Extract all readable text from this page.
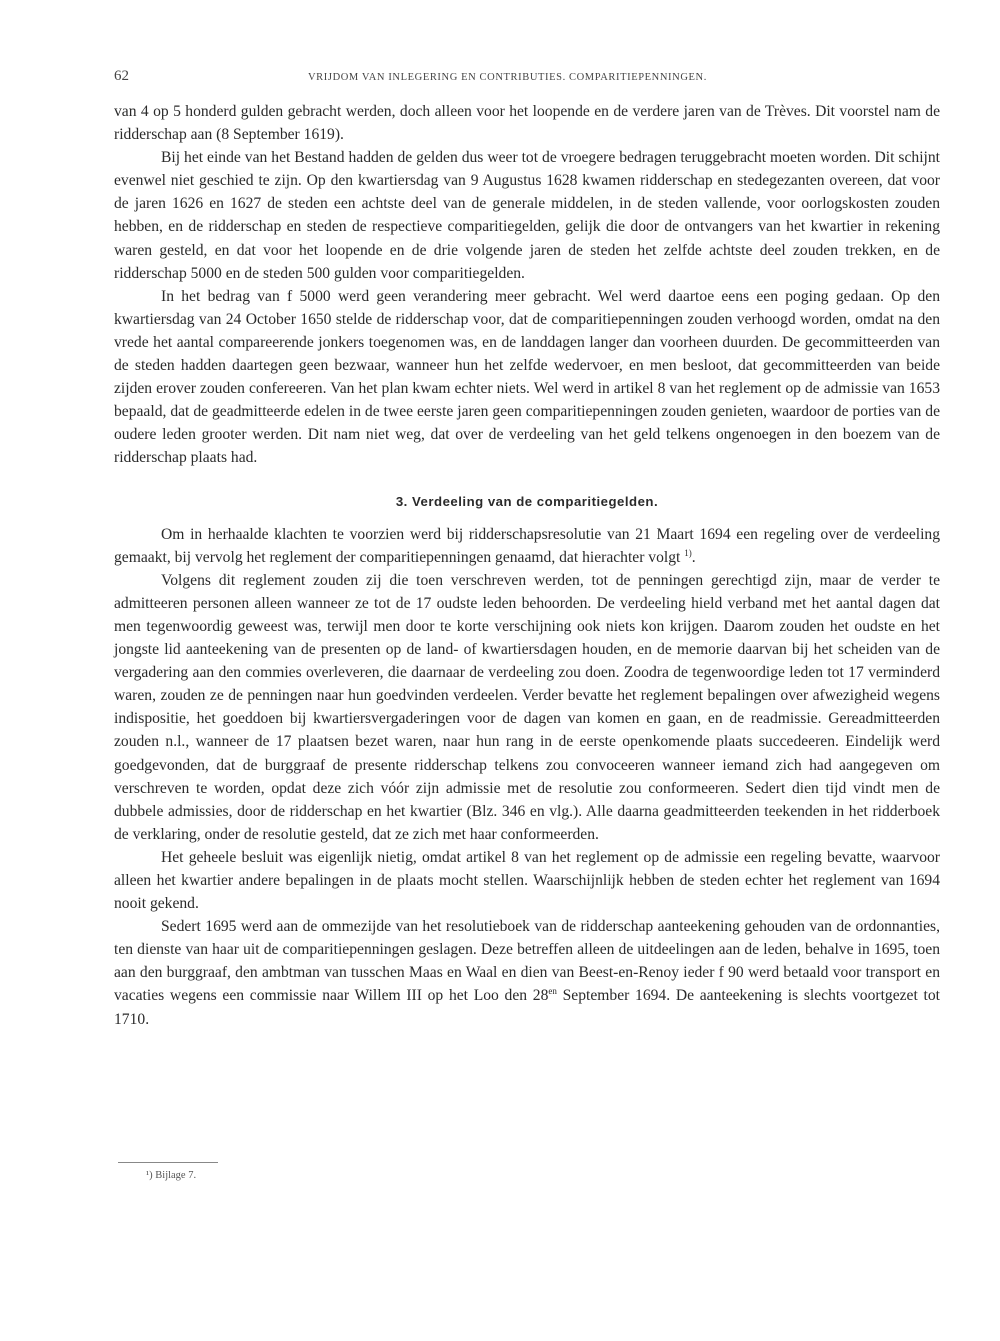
62	VRIJDOM VAN INLEGERING EN CONTRIBUTIES. COMPARITIEPENNINGEN.

van 4 op 5 honderd gulden gebracht werden, doch alleen voor het loopende en de verdere jaren van de Trèves. Dit voorstel nam de ridderschap aan (8 September 1619).

Bij het einde van het Bestand hadden de gelden dus weer tot de vroegere bedragen teruggebracht moeten worden. Dit schijnt evenwel niet geschied te zijn. Op den kwartiersdag van 9 Augustus 1628 kwamen ridderschap en stedegezanten overeen, dat voor de jaren 1626 en 1627 de steden een achtste deel van de generale middelen, in de steden vallende, voor oorlogskosten zouden hebben, en de ridderschap en steden de respectieve comparitiegelden, gelijk die door de ontvangers van het kwartier in rekening waren gesteld, en dat voor het loopende en de drie volgende jaren de steden het zelfde achtste deel zouden trekken, en de ridderschap 5000 en de steden 500 gulden voor comparitiegelden.

In het bedrag van f 5000 werd geen verandering meer gebracht. Wel werd daartoe eens een poging gedaan. Op den kwartiersdag van 24 October 1650 stelde de ridderschap voor, dat de comparitiepenningen zouden verhoogd worden, omdat na den vrede het aantal compareerende jonkers toegenomen was, en de landdagen langer dan voorheen duurden. De gecommitteerden van de steden hadden daartegen geen bezwaar, wanneer hun het zelfde wedervoer, en men besloot, dat gecommitteerden van beide zijden erover zouden confereeren. Van het plan kwam echter niets. Wel werd in artikel 8 van het reglement op de admissie van 1653 bepaald, dat de geadmitteerde edelen in de twee eerste jaren geen comparitiepenningen zouden genieten, waardoor de porties van de oudere leden grooter werden. Dit nam niet weg, dat over de verdeeling van het geld telkens ongenoegen in den boezem van de ridderschap plaats had.

3. Verdeeling van de comparitiegelden.

Om in herhaalde klachten te voorzien werd bij ridderschapsresolutie van 21 Maart 1694 een regeling over de verdeeling gemaakt, bij vervolg het reglement der comparitiepenningen genaamd, dat hierachter volgt $^{1)}$.

Volgens dit reglement zouden zij die toen verschreven werden, tot de penningen gerechtigd zijn, maar de verder te admitteeren personen alleen wanneer ze tot de 17 oudste leden behoorden. De verdeeling hield verband met het aantal dagen dat men tegenwoordig geweest was, terwijl men door te korte verschijning ook niets kon krijgen. Daarom zouden het oudste en het jongste lid aanteekening van de presenten op de land- of kwartiersdagen houden, en de memorie daarvan bij het scheiden van de vergadering aan den commies overleveren, die daarnaar de verdeeling zou doen. Zoodra de tegenwoordige leden tot 17 verminderd waren, zouden ze de penningen naar hun goedvinden verdeelen. Verder bevatte het reglement bepalingen over afwezigheid wegens indispositie, het goeddoen bij kwartiersvergaderingen voor de dagen van komen en gaan, en de readmissie. Gereadmitteerden zouden n.l., wanneer de 17 plaatsen bezet waren, naar hun rang in de eerste openkomende plaats succedeeren. Eindelijk werd goedgevonden, dat de burggraaf de presente ridderschap telkens zou convoceeren wanneer iemand zich had aangegeven om verschreven te worden, opdat deze zich vóór zijn admissie met de resolutie zou conformeeren. Sedert dien tijd vindt men de dubbele admissies, door de ridderschap en het kwartier (Blz. 346 en vlg.). Alle daarna geadmitteerden teekenden in het ridderboek de verklaring, onder de resolutie gesteld, dat ze zich met haar conformeerden.

Het geheele besluit was eigenlijk nietig, omdat artikel 8 van het reglement op de admissie een regeling bevatte, waarvoor alleen het kwartier andere bepalingen in de plaats mocht stellen. Waarschijnlijk hebben de steden echter het reglement van 1694 nooit gekend.

Sedert 1695 werd aan de ommezijde van het resolutieboek van de ridderschap aanteekening gehouden van de ordonnanties, ten dienste van haar uit de comparitiepenningen geslagen. Deze betreffen alleen de uitdeelingen aan de leden, behalve in 1695, toen aan den burggraaf, den ambtman van tusschen Maas en Waal en dien van Beest-en-Renoy ieder f 90 werd betaald voor transport en vacaties wegens een commissie naar Willem III op het Loo den $28^{en}$ September 1694. De aanteekening is slechts voortgezet tot 1710.

¹) Bijlage 7.
